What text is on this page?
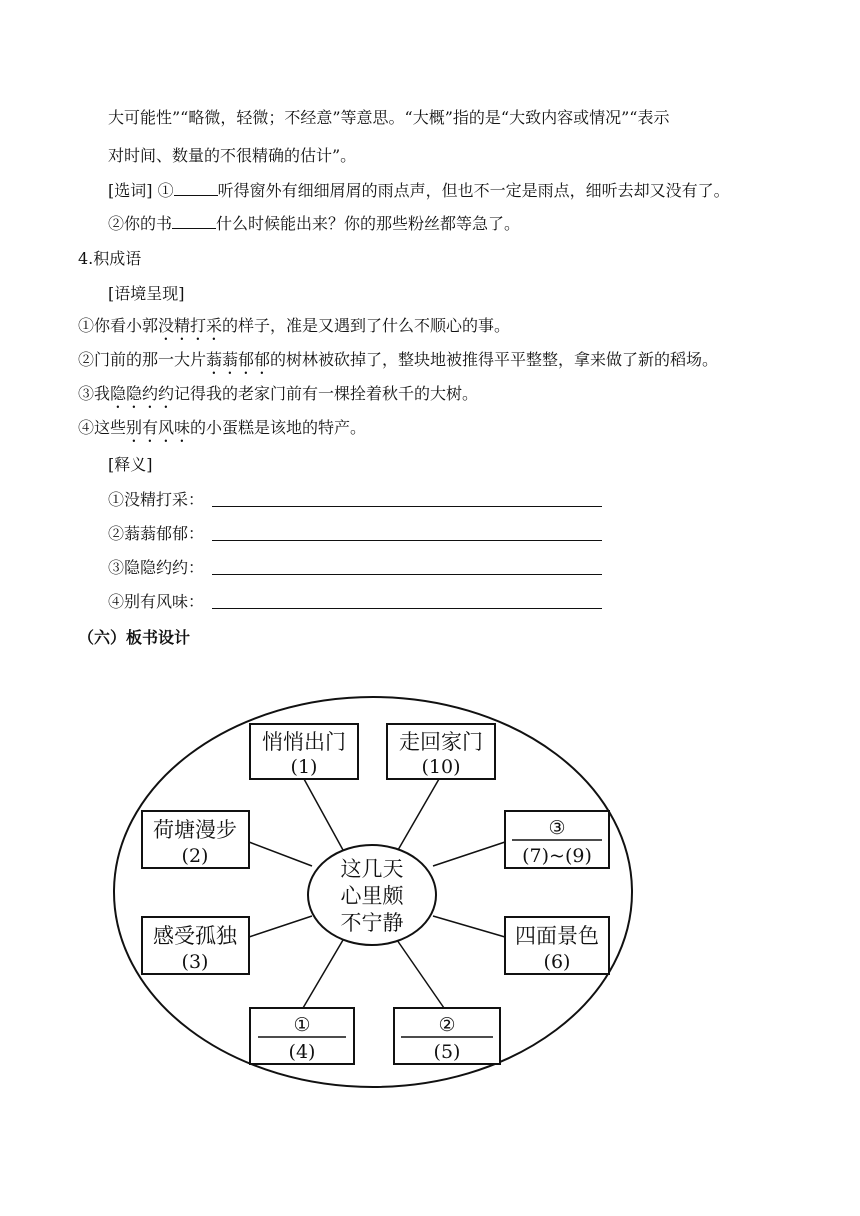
大可能性”“略微，轻微；不经意”等意思。“大概”指的是“大致内容或情况”“表示
对时间、数量的不很精确的估计”。
[选词] ①	听得窗外有细细屑屑的雨点声，但也不一定是雨点，细听去却又没有了。
②你的书	什么时候能出来？你的那些粉丝都等急了。
4.积成语
[语境呈现]
①你看小郭没精打采的样子，准是又遇到了什么不顺心的事。
②门前的那一大片蓊蓊郁郁的树林被砍掉了，整块地被推得平平整整，拿来做了新的稻场。
③我隐隐约约记得我的老家门前有一棵拴着秋千的大树。
④这些别有风味的小蛋糕是该地的特产。
[释义]
①没精打采：
②蓊蓊郁郁：
③隐隐约约：
④别有风味：
（六）板书设计
这几天
心里颇
不宁静
悄悄出门
(1)
走回家门
(10)
荷塘漫步
(2)
③
(7)~(9)
感受孤独
(3)
四面景色
(6)
①
(4)
②
(5)
